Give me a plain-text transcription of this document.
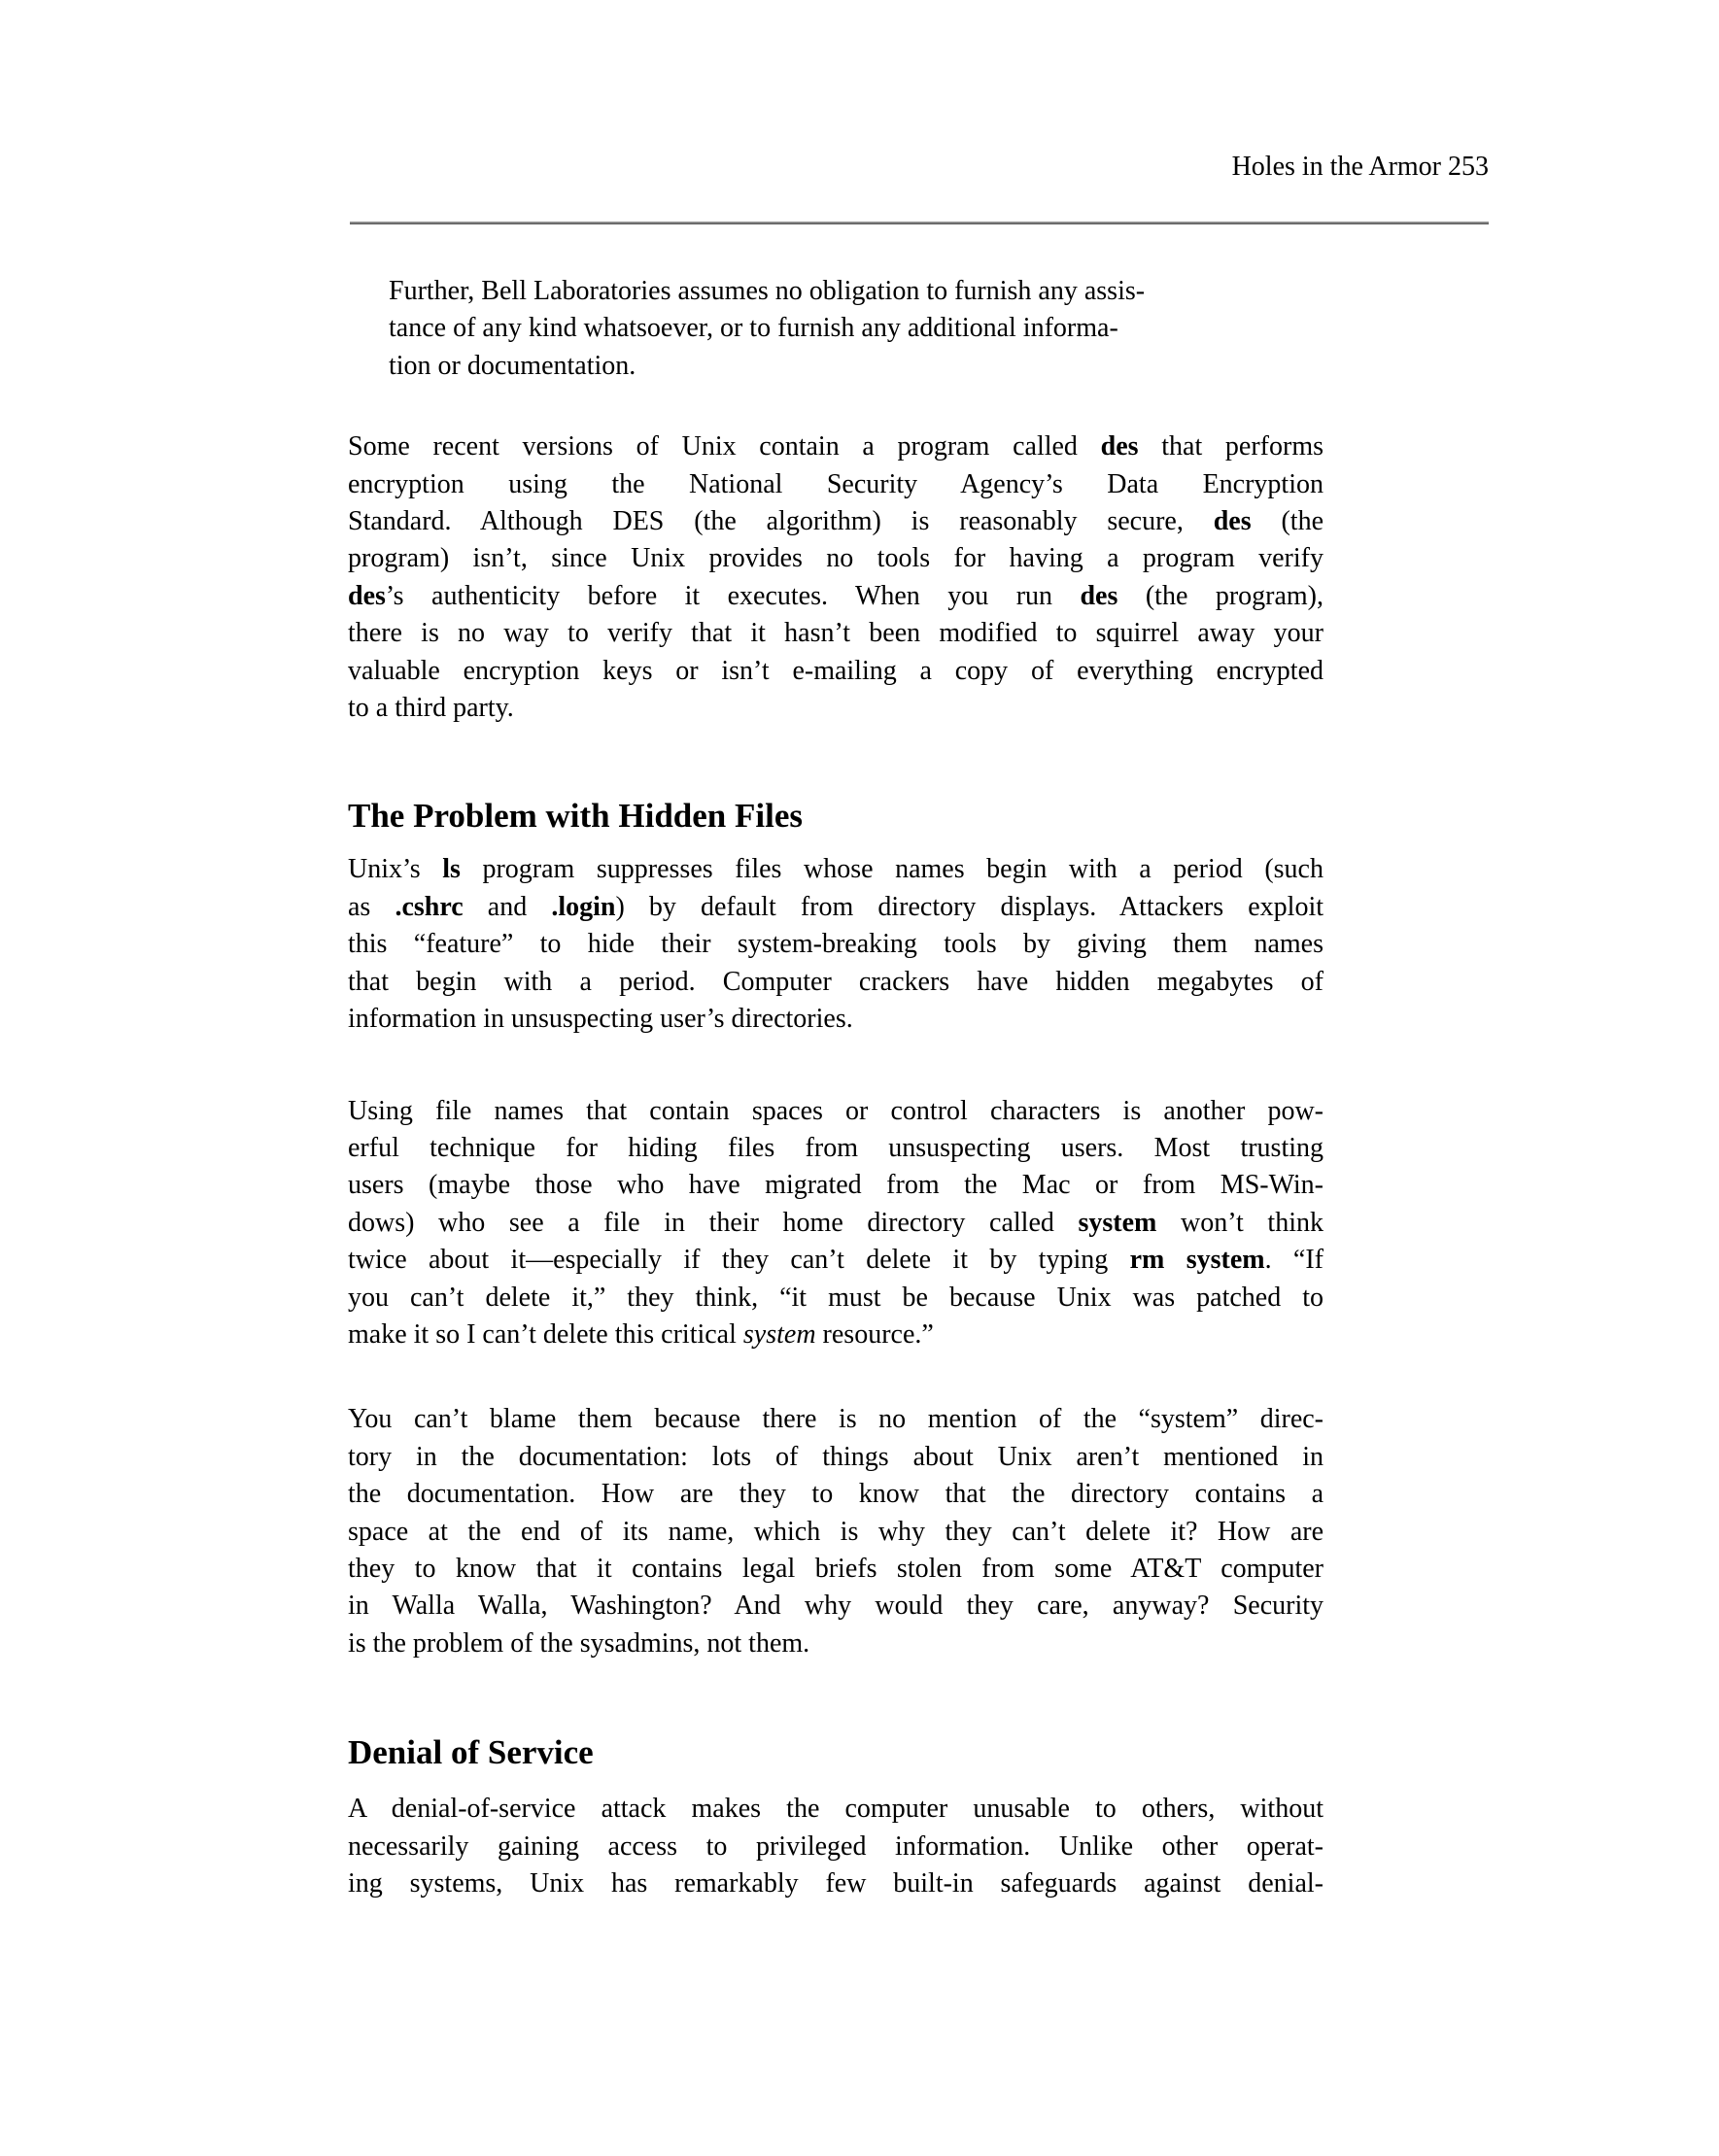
Holes in the Armor 253
Further, Bell Laboratories assumes no obligation to furnish any assis-
tance of any kind whatsoever, or to furnish any additional informa-
tion or documentation.
Some recent versions of Unix contain a program called des that performs
encryption using the National Security Agency’s Data Encryption
Standard. Although DES (the algorithm) is reasonably secure, des (the
program) isn’t, since Unix provides no tools for having a program verify
des’s authenticity before it executes. When you run des (the program),
there is no way to verify that it hasn’t been modified to squirrel away your
valuable encryption keys or isn’t e-mailing a copy of everything encrypted
to a third party.
The Problem with Hidden Files
Unix’s ls program suppresses files whose names begin with a period (such
as .cshrc and .login) by default from directory displays. Attackers exploit
this “feature” to hide their system-breaking tools by giving them names
that begin with a period. Computer crackers have hidden megabytes of
information in unsuspecting user’s directories.
Using file names that contain spaces or control characters is another pow-
erful technique for hiding files from unsuspecting users. Most trusting
users (maybe those who have migrated from the Mac or from MS-Win-
dows) who see a file in their home directory called system won’t think
twice about it—especially if they can’t delete it by typing rm system. “If
you can’t delete it,” they think, “it must be because Unix was patched to
make it so I can’t delete this critical system resource.”
You can’t blame them because there is no mention of the “system” direc-
tory in the documentation: lots of things about Unix aren’t mentioned in
the documentation. How are they to know that the directory contains a
space at the end of its name, which is why they can’t delete it? How are
they to know that it contains legal briefs stolen from some AT&T computer
in Walla Walla, Washington? And why would they care, anyway? Security
is the problem of the sysadmins, not them.
Denial of Service
A denial-of-service attack makes the computer unusable to others, without
necessarily gaining access to privileged information. Unlike other operat-
ing systems, Unix has remarkably few built-in safeguards against denial-
